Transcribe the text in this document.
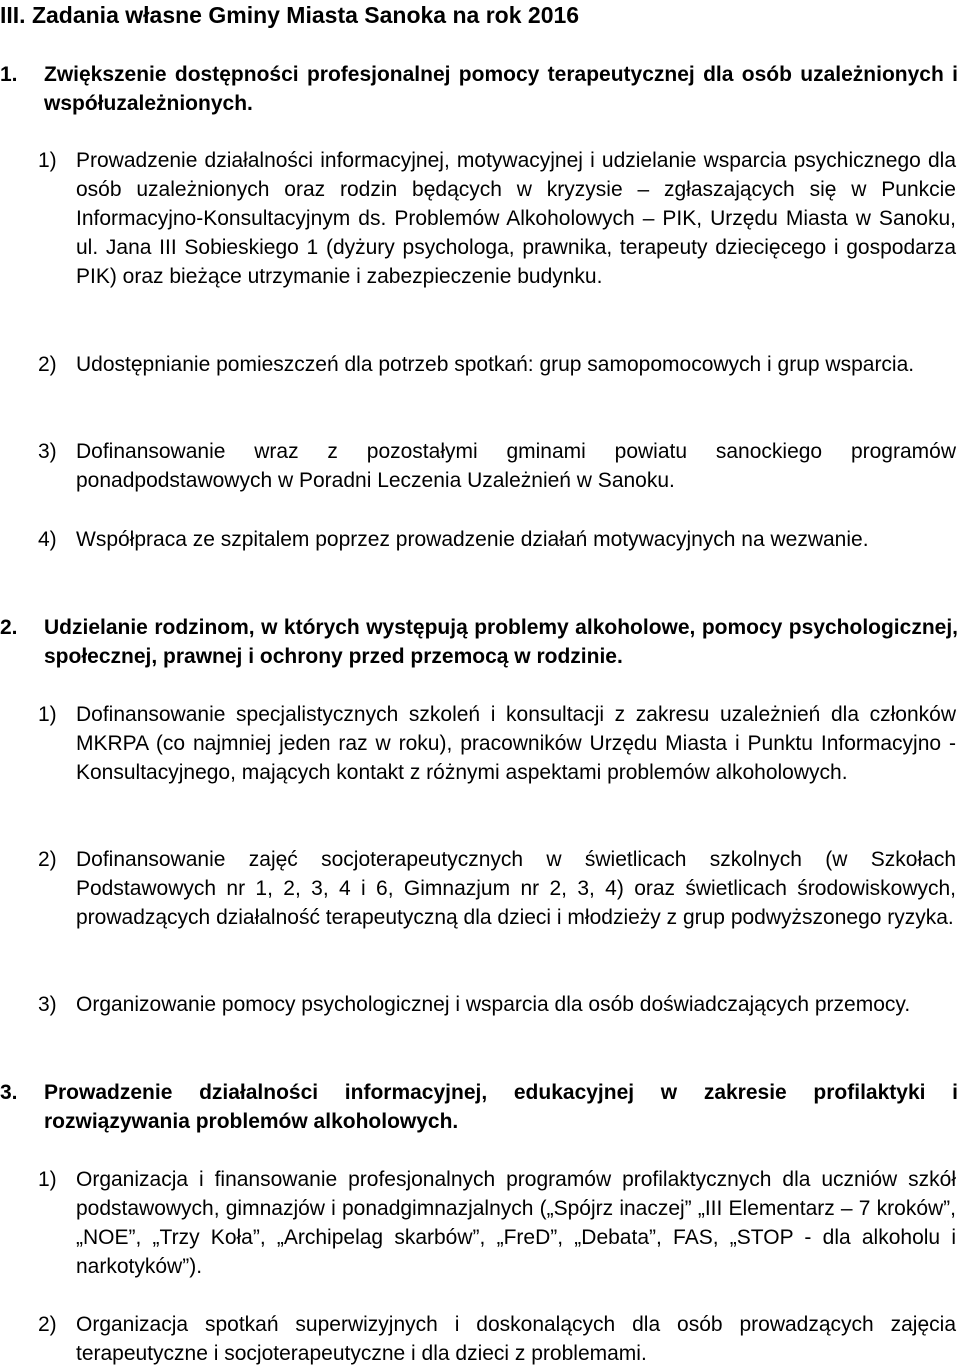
III. Zadania własne Gminy Miasta Sanoka na rok 2016
1.	Zwiększenie dostępności profesjonalnej pomocy terapeutycznej dla osób uzależnionych i współuzależnionych.
1) Prowadzenie działalności informacyjnej, motywacyjnej i udzielanie wsparcia psychicznego dla osób uzależnionych oraz rodzin będących w kryzysie – zgłaszających się w Punkcie Informacyjno-Konsultacyjnym ds. Problemów Alkoholowych – PIK, Urzędu Miasta w Sanoku, ul. Jana III Sobieskiego 1 (dyżury psychologa, prawnika, terapeuty dziecięcego i gospodarza PIK) oraz bieżące utrzymanie i zabezpieczenie budynku.
2) Udostępnianie pomieszczeń dla potrzeb spotkań: grup samopomocowych i grup wsparcia.
3) Dofinansowanie wraz z pozostałymi gminami powiatu sanockiego programów ponadpodstawowych w Poradni Leczenia Uzależnień w Sanoku.
4) Współpraca ze szpitalem poprzez prowadzenie działań motywacyjnych na wezwanie.
2.	Udzielanie rodzinom, w których występują problemy alkoholowe, pomocy psychologicznej, społecznej, prawnej i ochrony przed przemocą w rodzinie.
1) Dofinansowanie specjalistycznych szkoleń i konsultacji z zakresu uzależnień dla członków MKRPA (co najmniej jeden raz w roku), pracowników Urzędu Miasta i Punktu Informacyjno - Konsultacyjnego, mających kontakt z różnymi aspektami problemów alkoholowych.
2) Dofinansowanie zajęć socjoterapeutycznych w świetlicach szkolnych (w Szkołach Podstawowych nr 1, 2, 3, 4 i 6, Gimnazjum nr 2, 3, 4) oraz świetlicach środowiskowych, prowadzących działalność terapeutyczną dla dzieci i młodzieży z grup podwyższonego ryzyka.
3) Organizowanie pomocy psychologicznej i wsparcia dla osób doświadczających przemocy.
3.	Prowadzenie działalności informacyjnej, edukacyjnej w zakresie profilaktyki i rozwiązywania problemów alkoholowych.
1) Organizacja i finansowanie profesjonalnych programów profilaktycznych dla uczniów szkół podstawowych, gimnazjów i ponadgimnazjalnych („Spójrz inaczej” „III Elementarz – 7 kroków”, „NOE”, „Trzy Koła”, „Archipelag skarbów”, „FreD”, „Debata”, FAS, „STOP - dla alkoholu i narkotyków”).
2) Organizacja spotkań superwizyjnych i doskonalących dla osób prowadzących zajęcia terapeutyczne i socjoterapeutyczne i dla dzieci z problemami.
